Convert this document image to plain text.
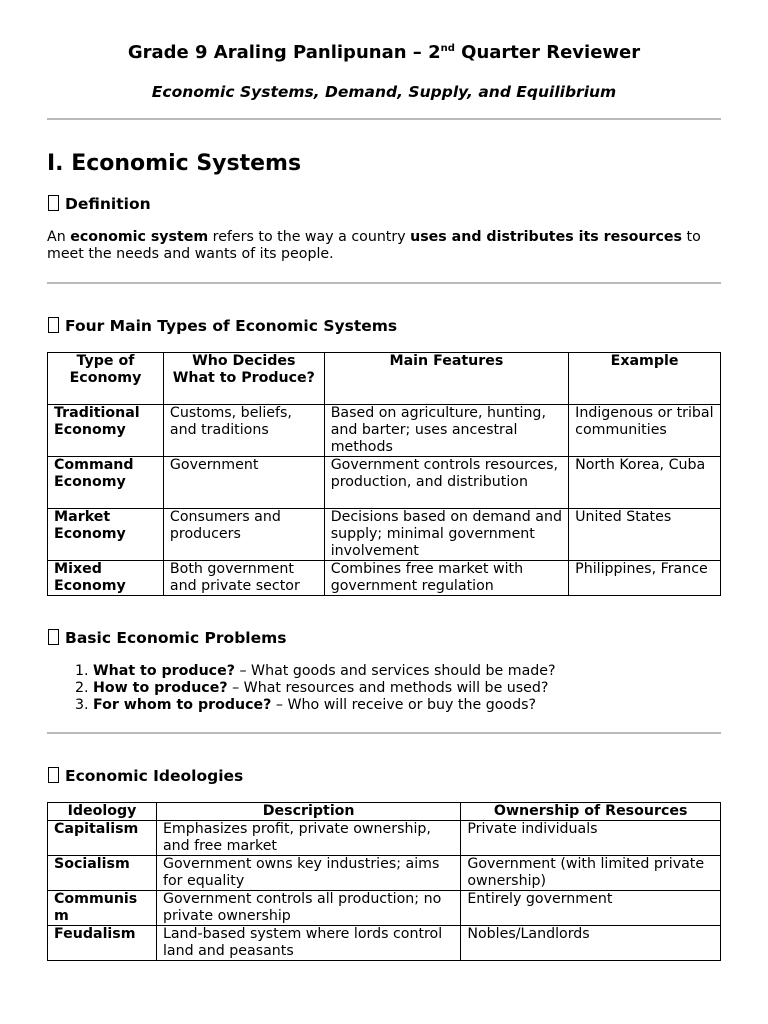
Grade 9 Araling Panlipunan – 2nd Quarter Reviewer
Economic Systems, Demand, Supply, and Equilibrium
I. Economic Systems
Definition
An economic system refers to the way a country uses and distributes its resources to meet the needs and wants of its people.
Four Main Types of Economic Systems
Type of Economy	Who Decides What to Produce?	Main Features	Example
Traditional Economy	Customs, beliefs, and traditions	Based on agriculture, hunting, and barter; uses ancestral methods	Indigenous or tribal communities
Command Economy	Government	Government controls resources, production, and distribution	North Korea, Cuba
Market Economy	Consumers and producers	Decisions based on demand and supply; minimal government involvement	United States
Mixed Economy	Both government and private sector	Combines free market with government regulation	Philippines, France
Basic Economic Problems
1. What to produce? – What goods and services should be made?
2. How to produce? – What resources and methods will be used?
3. For whom to produce? – Who will receive or buy the goods?
Economic Ideologies
Ideology	Description	Ownership of Resources
Capitalism	Emphasizes profit, private ownership, and free market	Private individuals
Socialism	Government owns key industries; aims for equality	Government (with limited private ownership)
Communism	Government controls all production; no private ownership	Entirely government
Feudalism	Land-based system where lords control land and peasants	Nobles/Landlords
